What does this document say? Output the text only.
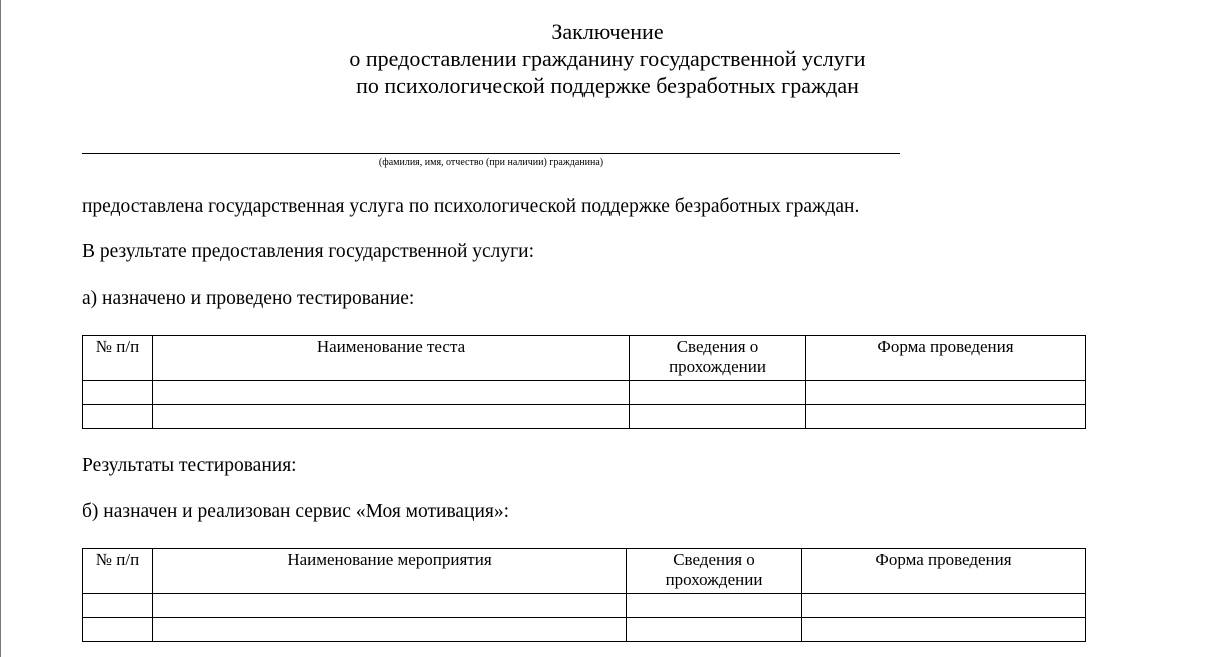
Заключение
о предоставлении гражданину государственной услуги
по психологической поддержке безработных граждан
(фамилия, имя, отчество (при наличии) гражданина)
предоставлена государственная услуга по психологической поддержке безработных граждан.
В результате предоставления государственной услуги:
а) назначено и проведено тестирование:
№ п/п	Наименование теста	Сведения о прохождении	Форма проведения

Результаты тестирования:
б) назначен и реализован сервис «Моя мотивация»:
№ п/п	Наименование мероприятия	Сведения о прохождении	Форма проведения
